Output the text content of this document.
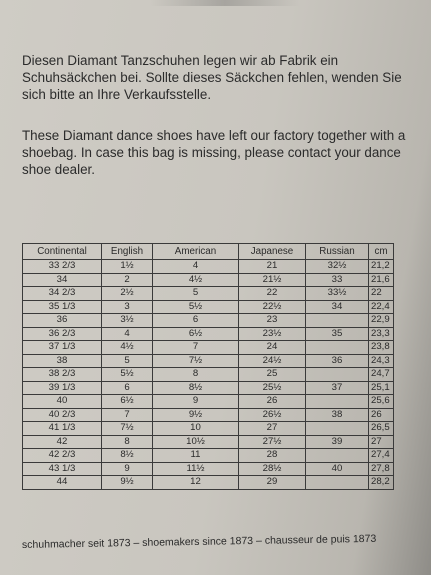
Diesen Diamant Tanzschuhen legen wir ab Fabrik ein Schuhsäckchen bei. Sollte dieses Säckchen fehlen, wenden Sie sich bitte an Ihre Verkaufsstelle.

These Diamant dance shoes have left our factory together with a shoebag. In case this bag is missing, please contact your dance shoe dealer.

Continental	English	American	Japanese	Russian	cm
33 2/3	1½	4	21	32½	21,2
34	2	4½	21½	33	21,6
34 2/3	2½	5	22	33½	22
35 1/3	3	5½	22½	34	22,4
36	3½	6	23		22,9
36 2/3	4	6½	23½	35	23,3
37 1/3	4½	7	24		23,8
38	5	7½	24½	36	24,3
38 2/3	5½	8	25		24,7
39 1/3	6	8½	25½	37	25,1
40	6½	9	26		25,6
40 2/3	7	9½	26½	38	26
41 1/3	7½	10	27		26,5
42	8	10½	27½	39	27
42 2/3	8½	11	28		27,4
43 1/3	9	11½	28½	40	27,8
44	9½	12	29		28,2
schuhmacher seit 1873 – shoemakers since 1873 – chausseur de puis 1873
